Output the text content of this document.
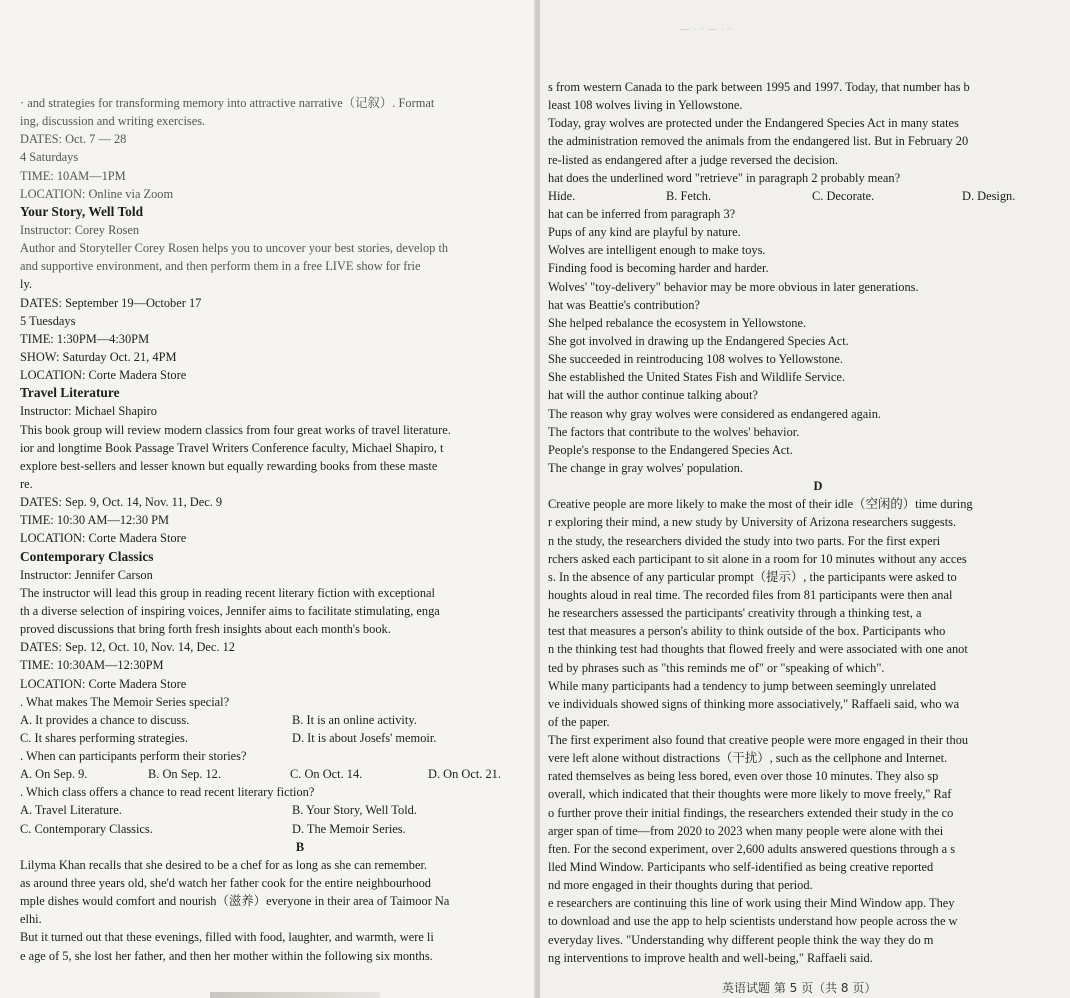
· and strategies for transforming memory into attractive narrative（记叙）. Format
ing, discussion and writing exercises.
DATES: Oct. 7 — 28
4 Saturdays
TIME: 10AM—1PM
LOCATION: Online via Zoom
Your Story, Well Told
Instructor: Corey Rosen
Author and Storyteller Corey Rosen helps you to uncover your best stories, develop th
and supportive environment, and then perform them in a free LIVE show for frie
ly.
DATES: September 19—October 17
5 Tuesdays
TIME: 1:30PM—4:30PM
SHOW: Saturday Oct. 21, 4PM
LOCATION: Corte Madera Store
Travel Literature
Instructor: Michael Shapiro
This book group will review modern classics from four great works of travel literature.
ior and longtime Book Passage Travel Writers Conference faculty, Michael Shapiro, t
explore best-sellers and lesser known but equally rewarding books from these maste
re.
DATES: Sep. 9, Oct. 14, Nov. 11, Dec. 9
TIME: 10:30 AM—12:30 PM
LOCATION: Corte Madera Store
Contemporary Classics
Instructor: Jennifer Carson
The instructor will lead this group in reading recent literary fiction with exceptional
th a diverse selection of inspiring voices, Jennifer aims to facilitate stimulating, enga
proved discussions that bring forth fresh insights about each month's book.
DATES: Sep. 12, Oct. 10, Nov. 14, Dec. 12
TIME: 10:30AM—12:30PM
LOCATION: Corte Madera Store
. What makes The Memoir Series special?
A. It provides a chance to discuss.	B. It is an online activity.
C. It shares performing strategies.	D. It is about Josefs' memoir.
. When can participants perform their stories?
A. On Sep. 9.	B. On Sep. 12.	C. On Oct. 14.	D. On Oct. 21.
. Which class offers a chance to read recent literary fiction?
A. Travel Literature.	B. Your Story, Well Told.
C. Contemporary Classics.	D. The Memoir Series.
B
Lilyma Khan recalls that she desired to be a chef for as long as she can remember.
as around three years old, she'd watch her father cook for the entire neighbourhood
mple dishes would comfort and nourish（滋养）everyone in their area of Taimoor Na
elhi.
But it turned out that these evenings, filled with food, laughter, and warmth, were li
e age of 5, she lost her father, and then her mother within the following six months.
s from western Canada to the park between 1995 and 1997. Today, that number has b
least 108 wolves living in Yellowstone.
Today, gray wolves are protected under the Endangered Species Act in many states
the administration removed the animals from the endangered list. But in February 20
re-listed as endangered after a judge reversed the decision.
hat does the underlined word "retrieve" in paragraph 2 probably mean?
Hide.	B. Fetch.	C. Decorate.	D. Design.
hat can be inferred from paragraph 3?
Pups of any kind are playful by nature.
Wolves are intelligent enough to make toys.
Finding food is becoming harder and harder.
Wolves' "toy-delivery" behavior may be more obvious in later generations.
hat was Beattie's contribution?
She helped rebalance the ecosystem in Yellowstone.
She got involved in drawing up the Endangered Species Act.
She succeeded in reintroducing 108 wolves to Yellowstone.
She established the United States Fish and Wildlife Service.
hat will the author continue talking about?
The reason why gray wolves were considered as endangered again.
The factors that contribute to the wolves' behavior.
People's response to the Endangered Species Act.
The change in gray wolves' population.
D
Creative people are more likely to make the most of their idle（空闲的）time during
r exploring their mind, a new study by University of Arizona researchers suggests.
n the study, the researchers divided the study into two parts. For the first experi
rchers asked each participant to sit alone in a room for 10 minutes without any acces
s. In the absence of any particular prompt（提示）, the participants were asked to
houghts aloud in real time. The recorded files from 81 participants were then anal
he researchers assessed the participants' creativity through a thinking test, a
test that measures a person's ability to think outside of the box. Participants who
n the thinking test had thoughts that flowed freely and were associated with one anot
ted by phrases such as "this reminds me of" or "speaking of which".
While many participants had a tendency to jump between seemingly unrelated
ve individuals showed signs of thinking more associatively," Raffaeli said, who wa
of the paper.
The first experiment also found that creative people were more engaged in their thou
vere left alone without distractions（干扰）, such as the cellphone and Internet.
rated themselves as being less bored, even over those 10 minutes. They also sp
overall, which indicated that their thoughts were more likely to move freely," Raf
o further prove their initial findings, the researchers extended their study in the co
arger span of time—from 2020 to 2023 when many people were alone with thei
ften. For the second experiment, over 2,600 adults answered questions through a s
lled Mind Window. Participants who self-identified as being creative reported
nd more engaged in their thoughts during that period.
e researchers are continuing this line of work using their Mind Window app. They
to download and use the app to help scientists understand how people across the w
everyday lives. "Understanding why different people think the way they do m
ng interventions to improve health and well-being," Raffaeli said.
— · · — · ·
英语试题 第 5 页（共 8 页）
